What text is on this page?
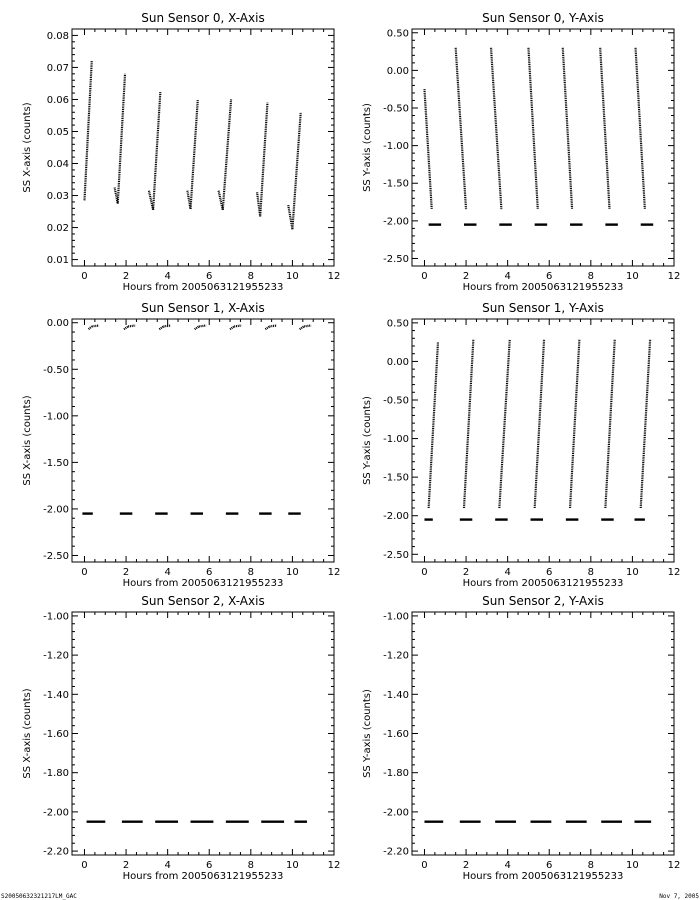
Sun Sensor 0, X-Axis
0	2	4	6	8	10	12
0.01
0.02
0.03
0.04
0.05
0.06
0.07
0.08
Hours from 2005063121955233
SS X-axis (counts)
Sun Sensor 0, Y-Axis
0	2	4	6	8	10	12
-2.50
-2.00
-1.50
-1.00
-0.50
0.00
0.50
Hours from 2005063121955233
SS Y-axis (counts)
Sun Sensor 1, X-Axis
0	2	4	6	8	10	12
-2.50
-2.00
-1.50
-1.00
-0.50
0.00
Hours from 2005063121955233
SS X-axis (counts)
Sun Sensor 1, Y-Axis
0	2	4	6	8	10	12
-2.50
-2.00
-1.50
-1.00
-0.50
0.00
0.50
Hours from 2005063121955233
SS Y-axis (counts)
Sun Sensor 2, X-Axis
0	2	4	6	8	10	12
-2.20
-2.00
-1.80
-1.60
-1.40
-1.20
-1.00
Hours from 2005063121955233
SS X-axis (counts)
Sun Sensor 2, Y-Axis
0	2	4	6	8	10	12
-2.20
-2.00
-1.80
-1.60
-1.40
-1.20
-1.00
Hours from 2005063121955233
SS Y-axis (counts)
S20050632321217LM_GAC	Nov 7, 2005
